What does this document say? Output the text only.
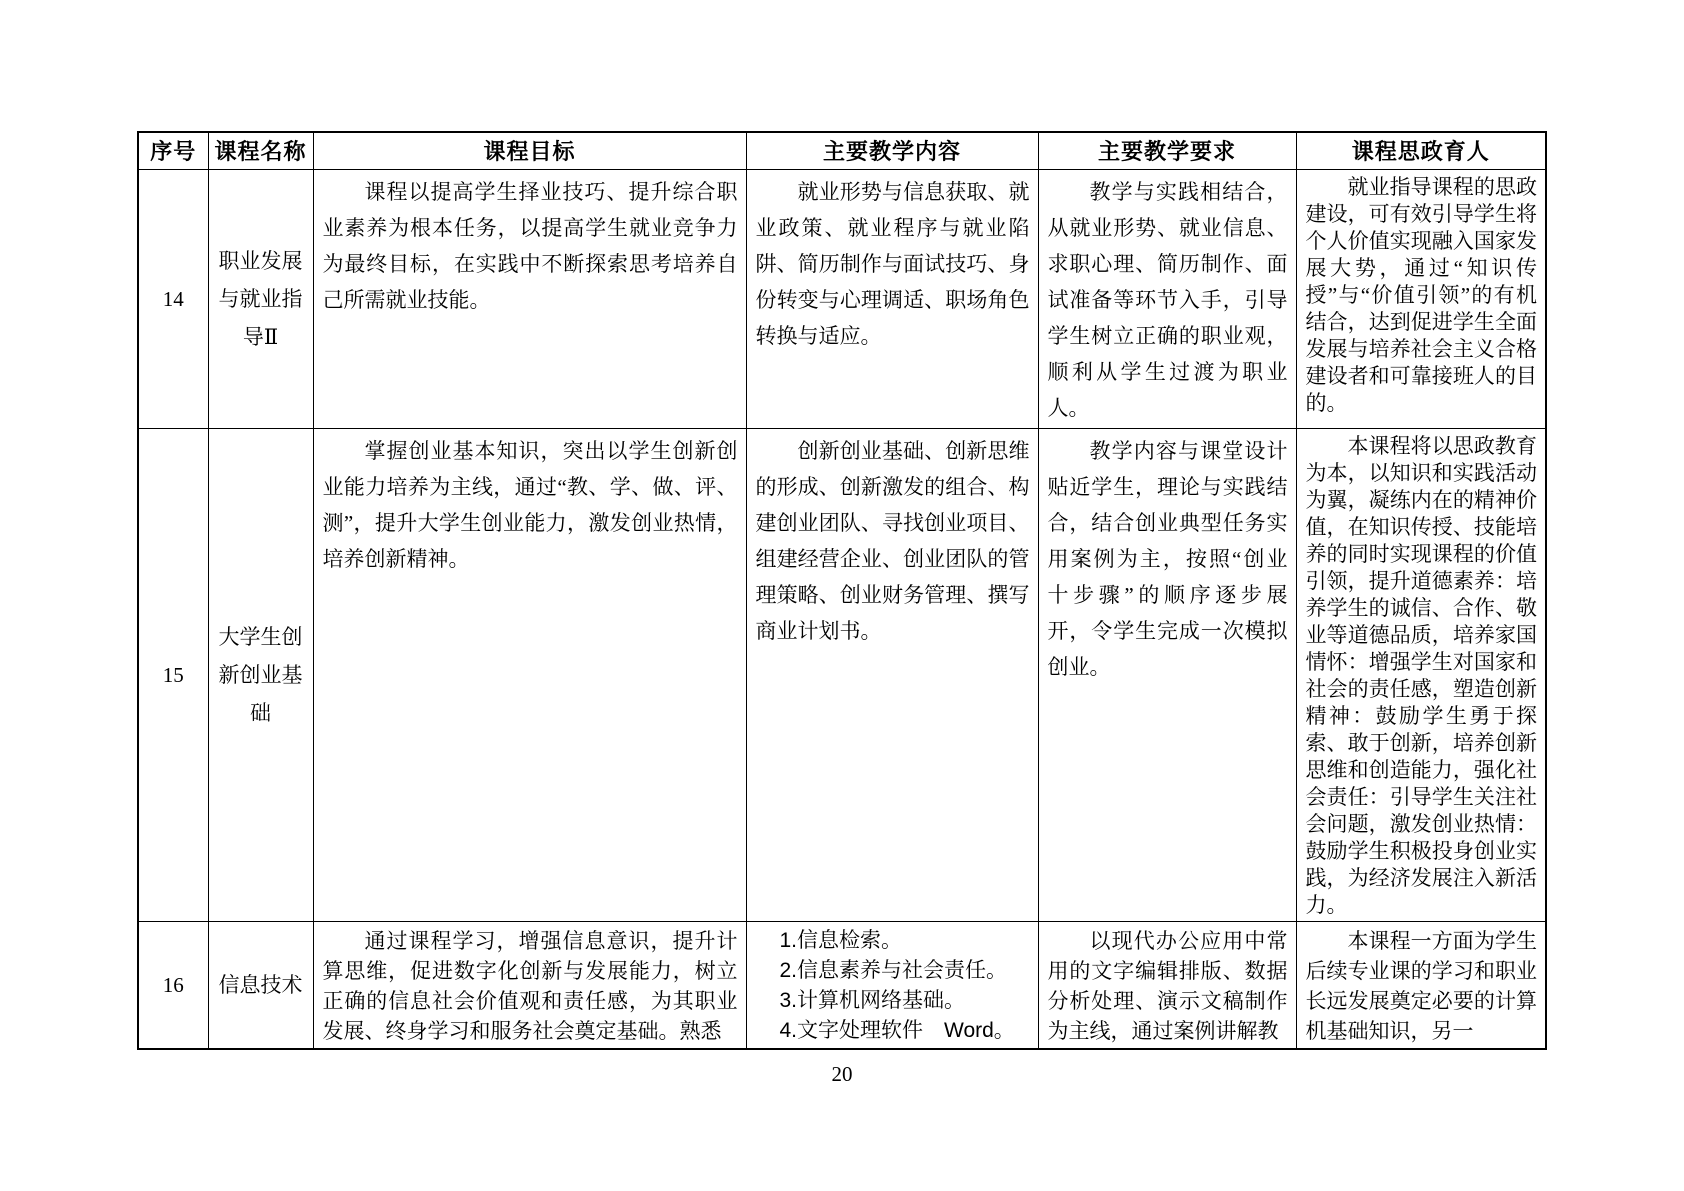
序号	课程名称	课程目标	主要教学内容	主要教学要求	课程思政育人
14	职业发展与就业指导Ⅱ	课程以提高学生择业技巧、提升综合职业素养为根本任务，以提高学生就业竞争力为最终目标，在实践中不断探索思考培养自己所需就业技能。	就业形势与信息获取、就业政策、就业程序与就业陷阱、简历制作与面试技巧、身份转变与心理调适、职场角色转换与适应。	教学与实践相结合，从就业形势、就业信息、求职心理、简历制作、面试准备等环节入手，引导学生树立正确的职业观，顺利从学生过渡为职业人。	就业指导课程的思政建设，可有效引导学生将个人价值实现融入国家发展大势，通过“知识传授”与“价值引领”的有机结合，达到促进学生全面发展与培养社会主义合格建设者和可靠接班人的目的。

15	大学生创新创业基础	掌握创业基本知识，突出以学生创新创业能力培养为主线，通过“教、学、做、评、测”，提升大学生创业能力，激发创业热情，培养创新精神。	创新创业基础、创新思维的形成、创新激发的组合、构建创业团队、寻找创业项目、组建经营企业、创业团队的管理策略、创业财务管理、撰写商业计划书。	教学内容与课堂设计贴近学生，理论与实践结合，结合创业典型任务实用案例为主，按照“创业十步骤”的顺序逐步展开，令学生完成一次模拟创业。	本课程将以思政教育为本，以知识和实践活动为翼，凝练内在的精神价值，在知识传授、技能培养的同时实现课程的价值引领，提升道德素养：培养学生的诚信、合作、敬业等道德品质，培养家国情怀：增强学生对国家和社会的责任感，塑造创新精神：鼓励学生勇于探索、敢于创新，培养创新思维和创造能力，强化社会责任：引导学生关注社会问题，激发创业热情：鼓励学生积极投身创业实践，为经济发展注入新活力。

16	信息技术	通过课程学习，增强信息意识，提升计算思维，促进数字化创新与发展能力，树立正确的信息社会价值观和责任感，为其职业发展、终身学习和服务社会奠定基础。熟悉	1.信息检索。
2.信息素养与社会责任。
3.计算机网络基础。
4.文字处理软件　Word。	以现代办公应用中常用的文字编辑排版、数据分析处理、演示文稿制作为主线，通过案例讲解教	本课程一方面为学生后续专业课的学习和职业长远发展奠定必要的计算机基础知识，另一

20
